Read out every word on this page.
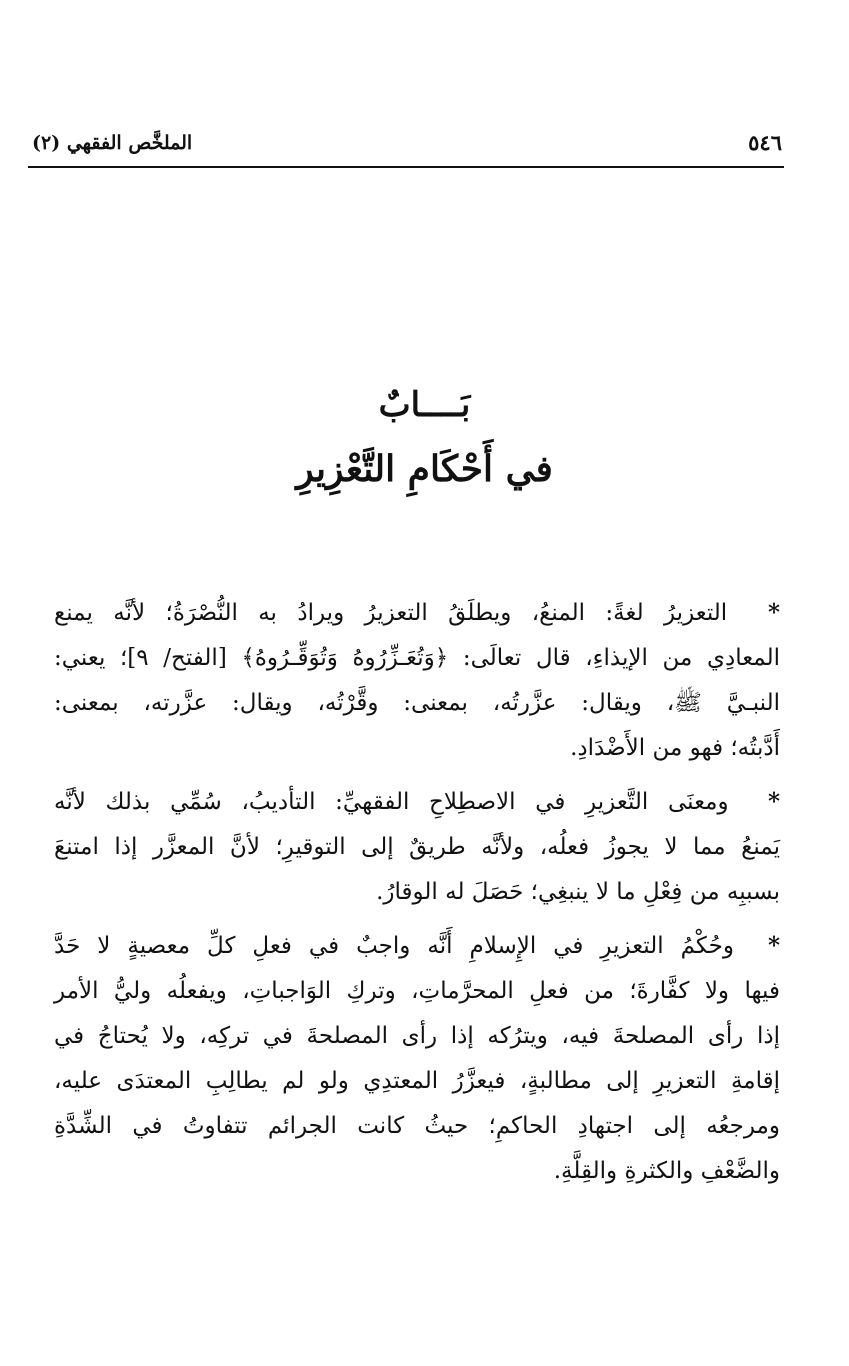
٥٤٦
الملخَّص الفقهي (٢)
بَــــابٌ
في أَحْكَامِ التَّعْزِيرِ

*  التعزيرُ لغةً: المنعُ، ويطلَقُ التعزيرُ ويرادُ به النُّصْرَةُ؛ لأنَّه يمنع
المعادِي من الإيذاءِ، قال تعالَى: ﴿وَتُعَـزِّرُوهُ وَتُوَقِّـرُوهُ﴾ [الفتح/ ٩]؛ يعني:
النبـيَّ ﷺ، ويقال: عزَّرتُه، بمعنى: وقَّرْتُه، ويقال: عزَّرته، بمعنى:
أَدَّبتُه؛ فهو من الأَضْدَادِ.

*  ومعنَى التَّعزيرِ في الاصطِلاحِ الفقهيِّ: التأديبُ، سُمِّي بذلك لأنَّه
يَمنعُ مما لا يجوزُ فعلُه، ولأنَّه طريقٌ إلى التوقيرِ؛ لأنَّ المعزَّر إذا امتنعَ
بسببِه من فِعْلِ ما لا ينبغِي؛ حَصَلَ له الوقارُ.

*  وحُكْمُ التعزيرِ في الإِسلامِ أَنَّه واجبٌ في فعلِ كلِّ معصيةٍ لا حَدَّ
فيها ولا كفَّارةَ؛ من فعلِ المحرَّماتِ، وتركِ الوَاجباتِ، ويفعلُه وليُّ الأمر
إذا رأى المصلحةَ فيه، ويترُكه إذا رأى المصلحةَ في تركِه، ولا يُحتاجُ في
إقامةِ التعزيرِ إلى مطالبةٍ، فيعزَّرُ المعتدِي ولو لم يطالِبِ المعتدَى عليه،
ومرجعُه إلى اجتهادِ الحاكمِ؛ حيثُ كانت الجرائم تتفاوتُ في الشِّدَّةِ
والضَّعْفِ والكثرةِ والقِلَّةِ.
